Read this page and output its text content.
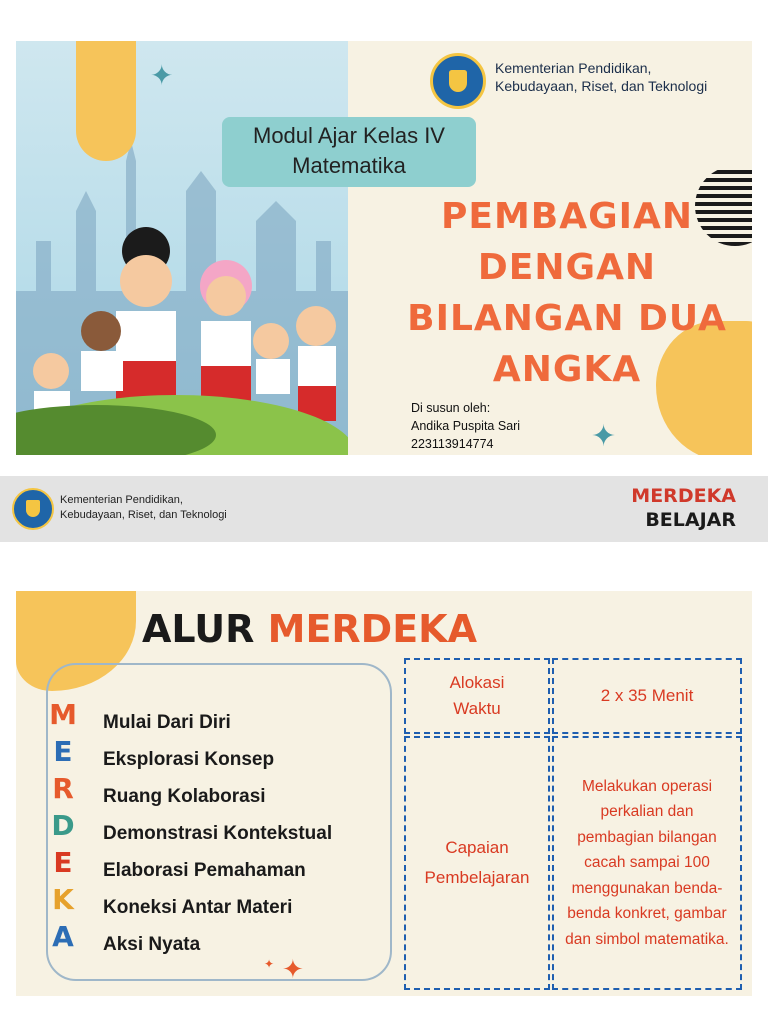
Modul Ajar Kelas IV
Matematika
Kementerian Pendidikan,
Kebudayaan, Riset, dan Teknologi
PEMBAGIAN
DENGAN
BILANGAN DUA
ANGKA
Di susun oleh:
Andika Puspita Sari
223113914774
✦
✦
Kementerian Pendidikan,
Kebudayaan, Riset, dan Teknologi
MERDEKA
BELAJAR
ALUR MERDEKA
M
E
R
D
E
K
A
Mulai Dari Diri
Eksplorasi Konsep
Ruang Kolaborasi
Demonstrasi Kontekstual
Elaborasi Pemahaman
Koneksi Antar Materi
Aksi Nyata
Alokasi
Waktu
2 x 35 Menit
Capaian
Pembelajaran
Melakukan operasi perkalian dan pembagian bilangan cacah sampai 100 menggunakan benda-benda konkret, gambar dan simbol matematika.
✦
✦
